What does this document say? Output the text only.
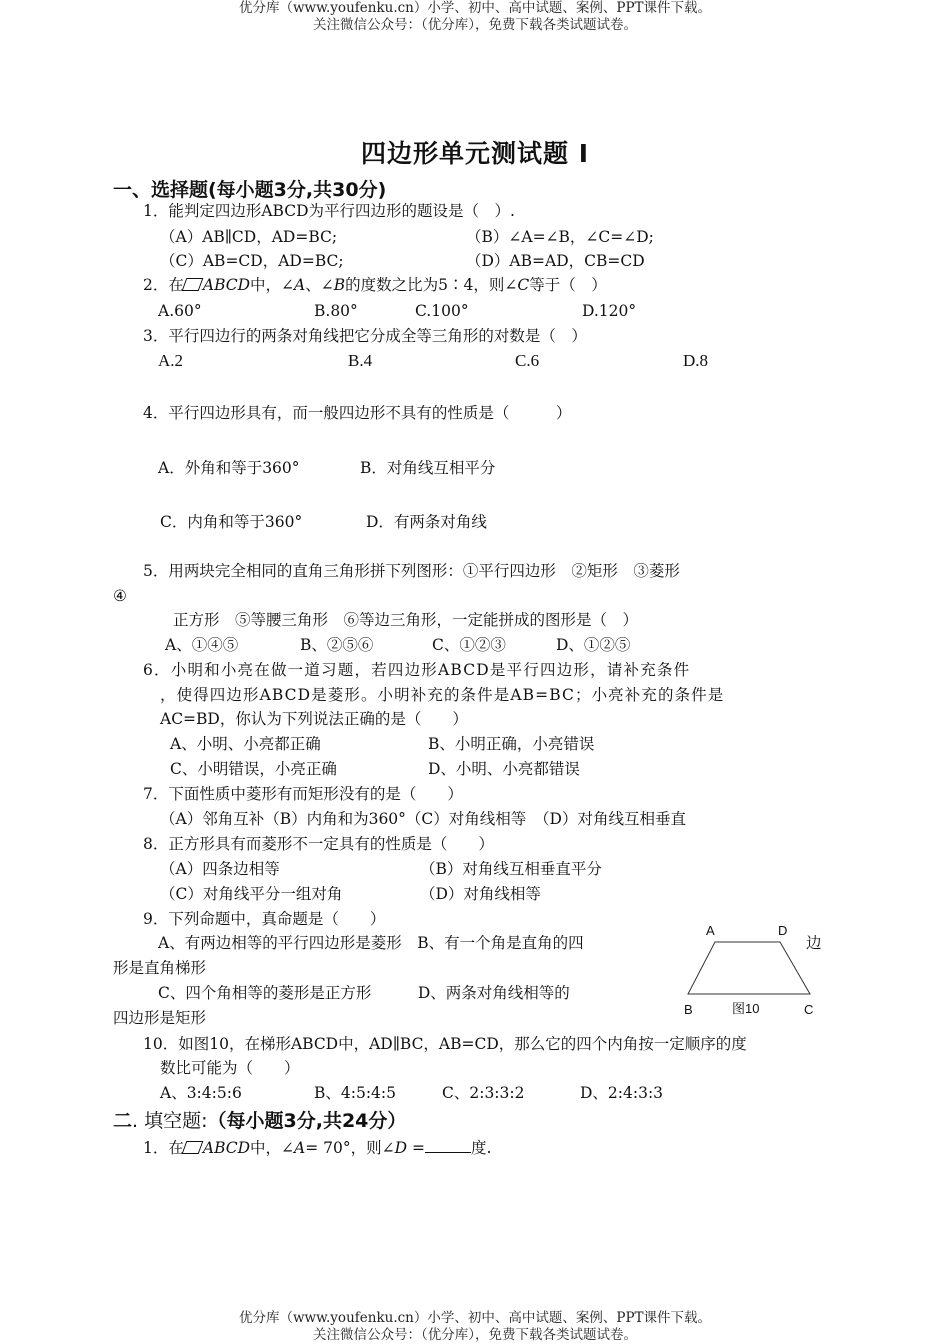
优分库（www.youfenku.cn）小学、初中、高中试题、案例、PPT课件下载。
关注微信公众号：（优分库），免费下载各类试题试卷。
四边形单元测试题 I
一、选择题(每小题3分,共30分)
1．能判定四边形ABCD为平行四边形的题设是（　）.
（A）AB∥CD，AD=BC;	（B）∠A=∠B，∠C=∠D;
（C）AB=CD，AD=BC;	（D）AB=AD，CB=CD
2．在 ABCD中，∠A、∠B的度数之比为5∶4，则∠C等于（　）
A.60°	B.80°	C.100°	D.120°
3．平行四边行的两条对角线把它分成全等三角形的对数是（　）
A.2	B.4	C.6	D.8
4．平行四边形具有，而一般四边形不具有的性质是（　　　）
A．外角和等于360°	B．对角线互相平分
C．内角和等于360°	D．有两条对角线
5．用两块完全相同的直角三角形拼下列图形：①平行四边形　②矩形　③菱形
④
正方形　⑤等腰三角形　⑥等边三角形，一定能拼成的图形是（　）
A、①④⑤	B、②⑤⑥	C、①②③	D、①②⑤
6．小明和小亮在做一道习题，若四边形ABCD是平行四边形，请补充条件
，使得四边形ABCD是菱形。小明补充的条件是AB=BC；小亮补充的条件是
AC=BD，你认为下列说法正确的是（　　）
A、小明、小亮都正确	B、小明正确，小亮错误
C、小明错误，小亮正确	D、小明、小亮都错误
7．下面性质中菱形有而矩形没有的是（　　）
（A）邻角互补（B）内角和为360°（C）对角线相等　（D）对角线互相垂直
8．正方形具有而菱形不一定具有的性质是（　　）
（A）四条边相等	（B）对角线互相垂直平分
（C）对角线平分一组对角	（D）对角线相等
9．下列命题中，真命题是（　　）
A、有两边相等的平行四边形是菱形　B、有一个角是直角的四	边
形是直角梯形
C、四个角相等的菱形是正方形　　　D、两条对角线相等的
四边形是矩形
A	D
B	C
图10
10．如图10，在梯形ABCD中，AD∥BC，AB=CD，那么它的四个内角按一定顺序的度
数比可能为（　　）
A、3:4:5:6	B、4:5:4:5	C、2:3:3:2	D、2:4:3:3
二. 填空题:（每小题3分,共24分）
1．在 ABCD中，∠A= 70°，则∠D =	度.
优分库（www.youfenku.cn）小学、初中、高中试题、案例、PPT课件下载。
关注微信公众号：（优分库），免费下载各类试题试卷。
